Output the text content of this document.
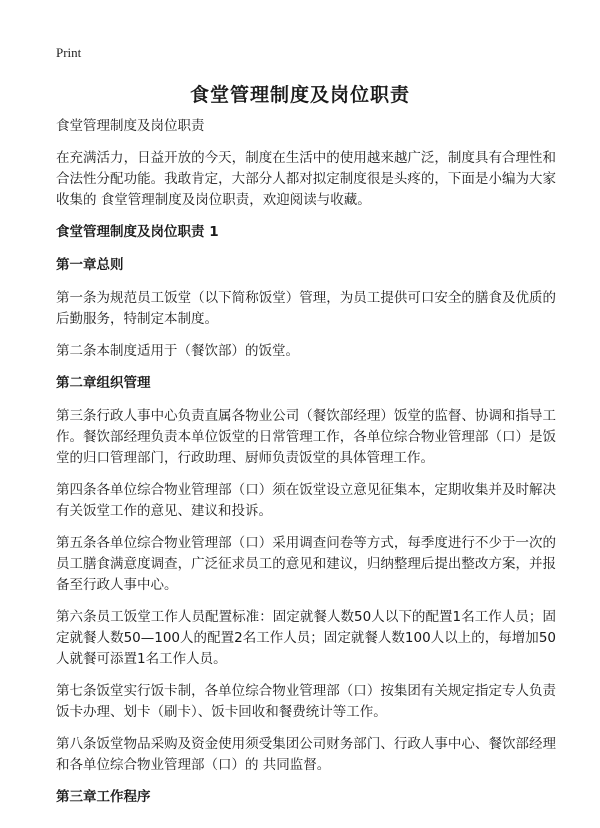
Print
食堂管理制度及岗位职责
食堂管理制度及岗位职责

在充满活力，日益开放的今天，制度在生活中的使用越来越广泛，制度具有合理性和合法性分配功能。我敢肯定，大部分人都对拟定制度很是头疼的，下面是小编为大家收集的 食堂管理制度及岗位职责，欢迎阅读与收藏。

食堂管理制度及岗位职责 1
第一章总则

第一条为规范员工饭堂（以下简称饭堂）管理，为员工提供可口安全的膳食及优质的后勤服务，特制定本制度。

第二条本制度适用于（餐饮部）的饭堂。

第二章组织管理

第三条行政人事中心负责直属各物业公司（餐饮部经理）饭堂的监督、协调和指导工作。餐饮部经理负责本单位饭堂的日常管理工作，各单位综合物业管理部（口）是饭堂的归口管理部门，行政助理、厨师负责饭堂的具体管理工作。

第四条各单位综合物业管理部（口）须在饭堂设立意见征集本，定期收集并及时解决有关饭堂工作的意见、建议和投诉。

第五条各单位综合物业管理部（口）采用调查问卷等方式，每季度进行不少于一次的员工膳食满意度调查，广泛征求员工的意见和建议，归纳整理后提出整改方案，并报备至行政人事中心。

第六条员工饭堂工作人员配置标准：固定就餐人数50人以下的配置1名工作人员；固定就餐人数50—100人的配置2名工作人员；固定就餐人数100人以上的，每增加50人就餐可添置1名工作人员。

第七条饭堂实行饭卡制，各单位综合物业管理部（口）按集团有关规定指定专人负责饭卡办理、划卡（刷卡）、饭卡回收和餐费统计等工作。

第八条饭堂物品采购及资金使用须受集团公司财务部门、行政人事中心、餐饮部经理和各单位综合物业管理部（口）的 共同监督。

第三章工作程序
